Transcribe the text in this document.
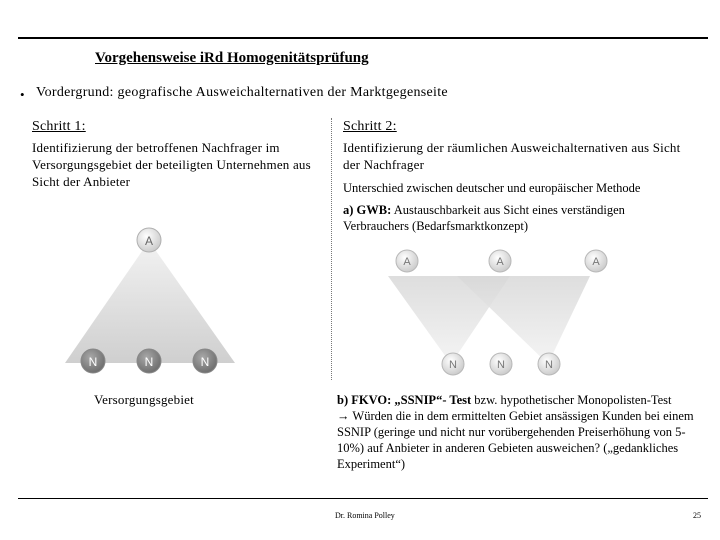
Vorgehensweise iRd Homogenitätsprüfung
• Vordergrund: geografische Ausweichalternativen der Marktgegenseite
Schritt 1:
Identifizierung der betroffenen Nachfrager im Versorgungsgebiet der beteiligten Unternehmen aus Sicht der Anbieter
A
N	N	N
Versorgungsgebiet
Schritt 2:
Identifizierung der räumlichen Ausweichalternativen aus Sicht der Nachfrager
Unterschied zwischen deutscher und europäischer Methode
a) GWB: Austauschbarkeit aus Sicht eines verständigen Verbrauchers (Bedarfsmarktkonzept)
A	A	A
N	N	N
b) FKVO: „SSNIP“- Test bzw. hypothetischer Monopolisten-Test
→ Würden die in dem ermittelten Gebiet ansässigen Kunden bei einem SSNIP (geringe und nicht nur vorübergehenden Preiserhöhung von 5-10%) auf Anbieter in anderen Gebieten ausweichen? („gedankliches Experiment“)
Dr. Romina Polley	25
